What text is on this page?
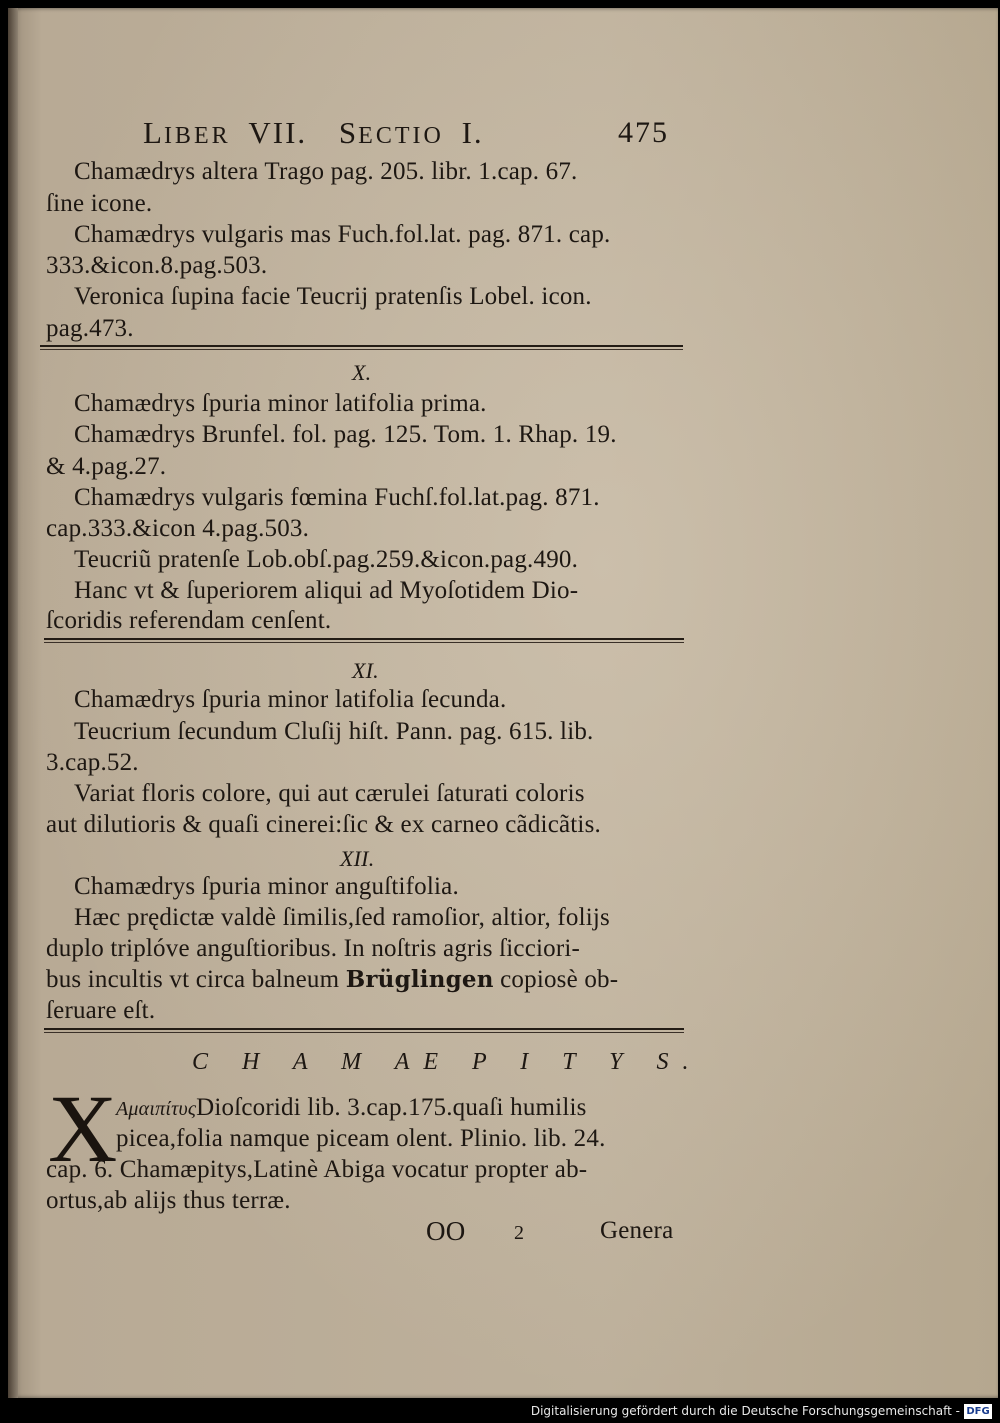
LIBER VII. SECTIO I.	475
Chamædrys altera Trago pag. 205. libr. 1.cap. 67.
ſine icone.
Chamædrys vulgaris mas Fuch.fol.lat. pag. 871. cap.
333.&icon.8.pag.503.
Veronica ſupina facie Teucrij pratenſis Lobel. icon.
pag.473.
X.
Chamædrys ſpuria minor latifolia prima.
Chamædrys Brunfel. fol. pag. 125. Tom. 1. Rhap. 19.
& 4.pag.27.
Chamædrys vulgaris fœmina Fuchſ.fol.lat.pag. 871.
cap.333.&icon 4.pag.503.
Teucriũ pratenſe Lob.obſ.pag.259.&icon.pag.490.
Hanc vt & ſuperiorem aliqui ad Myoſotidem Dio-
ſcoridis referendam cenſent.
XI.
Chamædrys ſpuria minor latifolia ſecunda.
Teucrium ſecundum Cluſij hiſt. Pann. pag. 615. lib.
3.cap.52.
Variat floris colore, qui aut cærulei ſaturati coloris
aut dilutioris & quaſi cinerei:ſic & ex carneo cãdicãtis.
XII.
Chamædrys ſpuria minor anguſtifolia.
Hæc prędictæ valdè ſimilis,ſed ramoſior, altior, folijs
duplo triplóve anguſtioribus. In noſtris agris ſicciori-
bus incultis vt circa balneum Brüglingen copiosè ob-
ſeruare eſt.
C H A M AE P I T Y S.
X
ΑμαιπίτυςDioſcoridi lib. 3.cap.175.quaſi humilis
picea,folia namque piceam olent. Plinio. lib. 24.
cap. 6. Chamæpitys,Latinè Abiga vocatur propter ab-
ortus,ab alijs thus terræ.
OO 2	Genera
Digitalisierung gefördert durch die Deutsche Forschungsgemeinschaft - DFG
